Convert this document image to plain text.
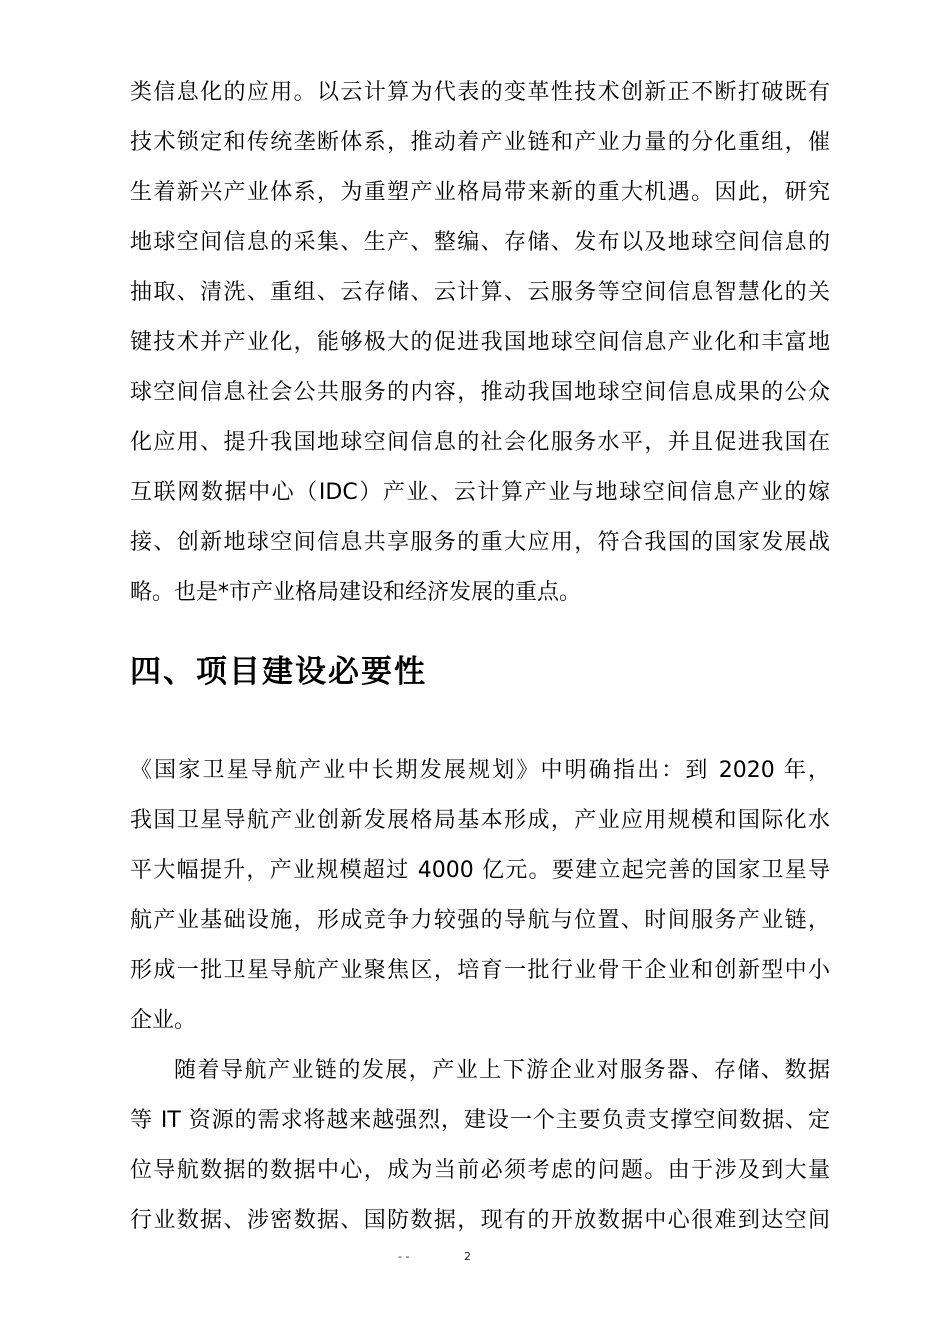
类信息化的应用。以云计算为代表的变革性技术创新正不断打破既有
技术锁定和传统垄断体系，推动着产业链和产业力量的分化重组，催
生着新兴产业体系，为重塑产业格局带来新的重大机遇。因此，研究
地球空间信息的采集、生产、整编、存储、发布以及地球空间信息的
抽取、清洗、重组、云存储、云计算、云服务等空间信息智慧化的关
键技术并产业化，能够极大的促进我国地球空间信息产业化和丰富地
球空间信息社会公共服务的内容，推动我国地球空间信息成果的公众
化应用、提升我国地球空间信息的社会化服务水平，并且促进我国在
互联网数据中心（IDC）产业、云计算产业与地球空间信息产业的嫁
接、创新地球空间信息共享服务的重大应用，符合我国的国家发展战
略。也是*市产业格局建设和经济发展的重点。
四、项目建设必要性
《国家卫星导航产业中长期发展规划》中明确指出：到 2020 年，
我国卫星导航产业创新发展格局基本形成，产业应用规模和国际化水
平大幅提升，产业规模超过 4000 亿元。要建立起完善的国家卫星导
航产业基础设施，形成竞争力较强的导航与位置、时间服务产业链，
形成一批卫星导航产业聚焦区，培育一批行业骨干企业和创新型中小
企业。
随着导航产业链的发展，产业上下游企业对服务器、存储、数据
等 IT 资源的需求将越来越强烈，建设一个主要负责支撑空间数据、定
位导航数据的数据中心，成为当前必须考虑的问题。由于涉及到大量
行业数据、涉密数据、国防数据，现有的开放数据中心很难到达空间
- -	2
